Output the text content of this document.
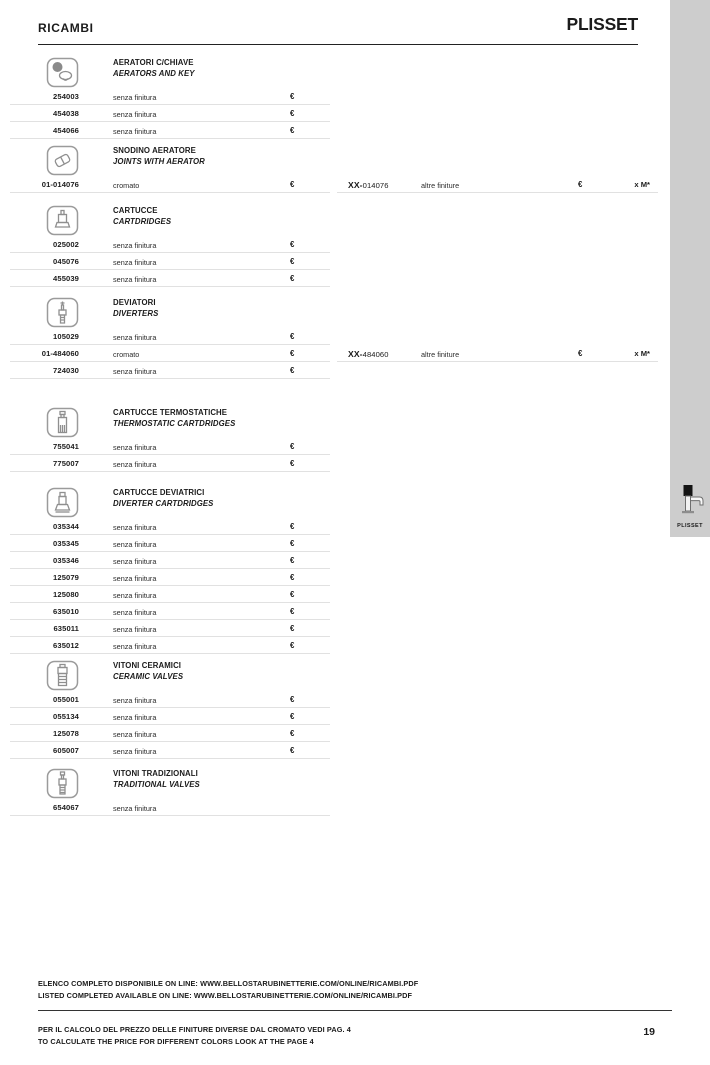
RICAMBI	PLISSET
PLISSET
AERATORI C/CHIAVE
AERATORS AND KEY
254003	senza finitura	€
454038	senza finitura	€
454066	senza finitura	€
SNODINO AERATORE
JOINTS WITH AERATOR
01-014076	cromato	€	XX-014076	altre finiture	€	x M*
CARTUCCE
CARTDRIDGES
025002	senza finitura	€
045076	senza finitura	€
455039	senza finitura	€
DEVIATORI
DIVERTERS
105029	senza finitura	€
01-484060	cromato	€	XX-484060	altre finiture	€	x M*
724030	senza finitura	€
CARTUCCE TERMOSTATICHE
THERMOSTATIC CARTDRIDGES
755041	senza finitura	€
775007	senza finitura	€
CARTUCCE DEVIATRICI
DIVERTER CARTDRIDGES
035344	senza finitura	€
035345	senza finitura	€
035346	senza finitura	€
125079	senza finitura	€
125080	senza finitura	€
635010	senza finitura	€
635011	senza finitura	€
635012	senza finitura	€
VITONI CERAMICI
CERAMIC VALVES
055001	senza finitura	€
055134	senza finitura	€
125078	senza finitura	€
605007	senza finitura	€
VITONI TRADIZIONALI
TRADITIONAL VALVES
654067	senza finitura
ELENCO COMPLETO DISPONIBILE ON LINE: WWW.BELLOSTARUBINETTERIE.COM/ONLINE/RICAMBI.PDF
LISTED COMPLETED AVAILABLE ON LINE: WWW.BELLOSTARUBINETTERIE.COM/ONLINE/RICAMBI.PDF
PER IL CALCOLO DEL PREZZO DELLE FINITURE DIVERSE DAL CROMATO VEDI PAG. 4
TO CALCULATE THE PRICE FOR DIFFERENT COLORS LOOK AT THE PAGE 4
19
